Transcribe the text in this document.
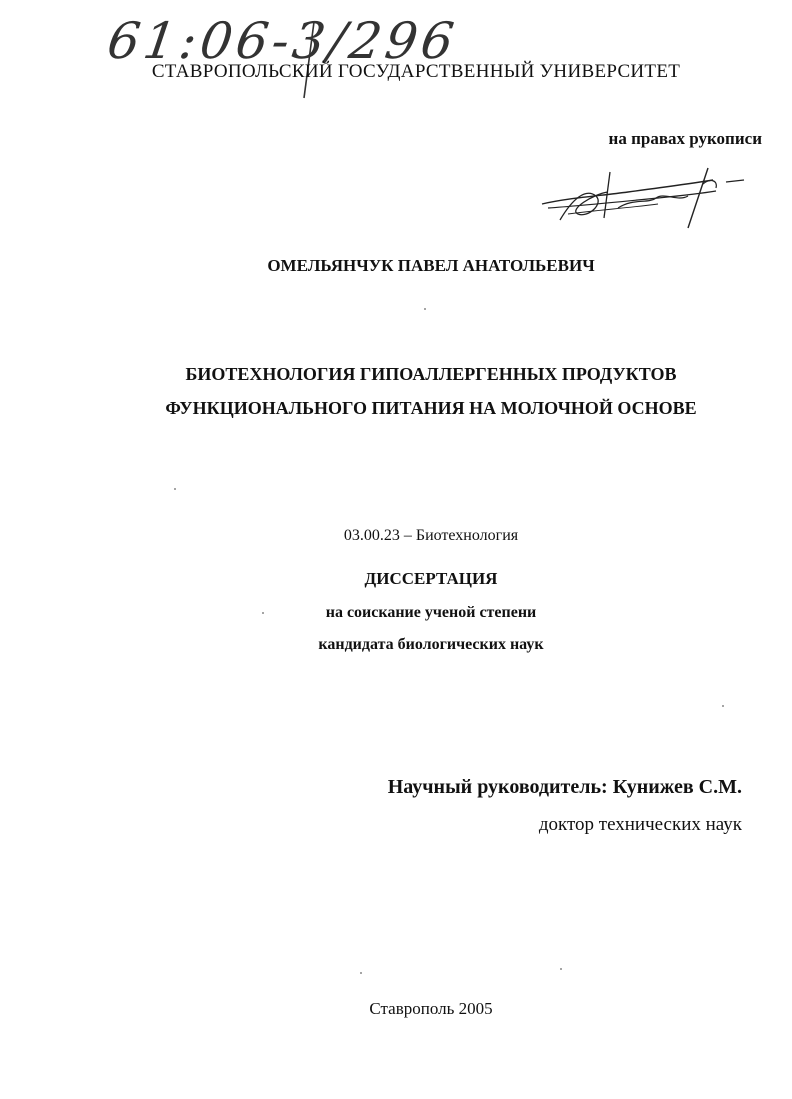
61:06-3/296
СТАВРОПОЛЬСКИЙ ГОСУДАРСТВЕННЫЙ УНИВЕРСИТЕТ
на правах рукописи
ОМЕЛЬЯНЧУК ПАВЕЛ АНАТОЛЬЕВИЧ
БИОТЕХНОЛОГИЯ ГИПОАЛЛЕРГЕННЫХ ПРОДУКТОВ
ФУНКЦИОНАЛЬНОГО ПИТАНИЯ НА МОЛОЧНОЙ ОСНОВЕ
03.00.23 – Биотехнология
ДИССЕРТАЦИЯ
на соискание ученой степени
кандидата биологических наук
Научный руководитель: Кунижев С.М.
доктор технических наук
Ставрополь 2005
